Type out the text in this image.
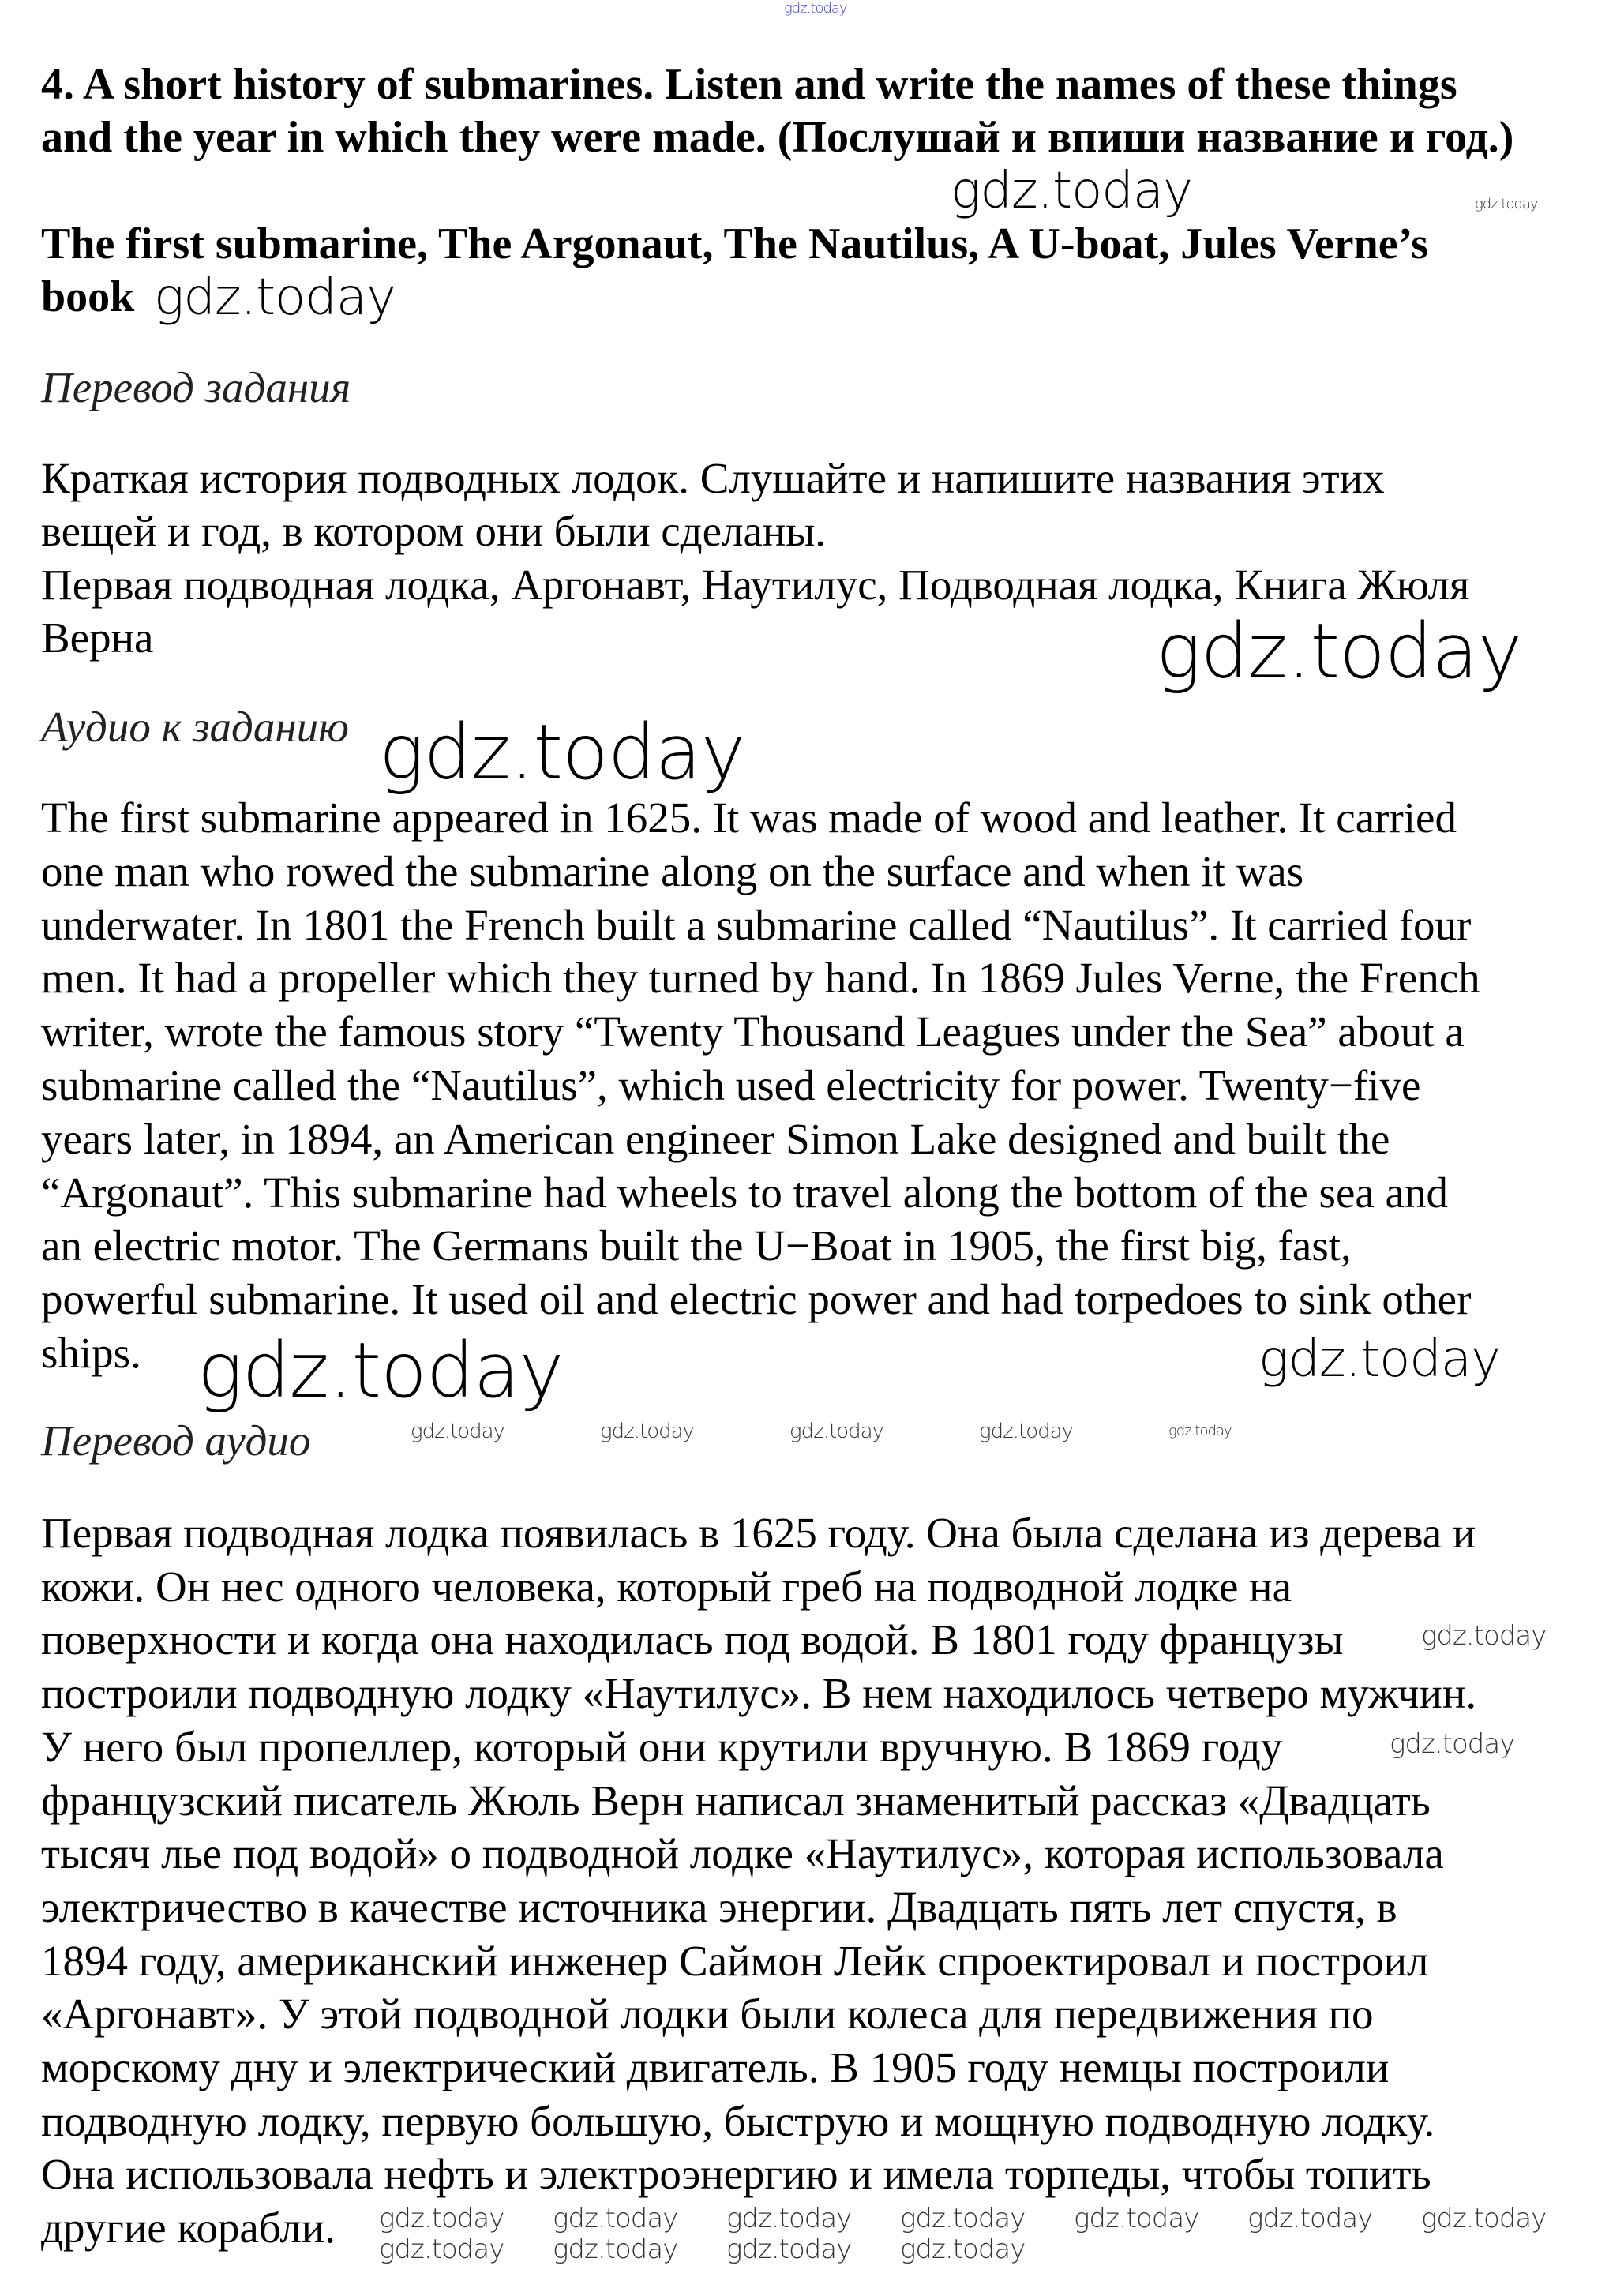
4. A short history of submarines. Listen and write the names of these things
and the year in which they were made. (Послушай и впиши название и год.)
The first submarine, The Argonaut, The Nautilus, A U-boat, Jules Verne’s
book
Перевод задания
Краткая история подводных лодок. Слушайте и напишите названия этих
вещей и год, в котором они были сделаны.
Первая подводная лодка, Аргонавт, Наутилус, Подводная лодка, Книга Жюля
Верна
Аудио к заданию
The first submarine appeared in 1625. It was made of wood and leather. It carried
one man who rowed the submarine along on the surface and when it was
underwater. In 1801 the French built a submarine called “Nautilus”. It carried four
men. It had a propeller which they turned by hand. In 1869 Jules Verne, the French
writer, wrote the famous story “Twenty Thousand Leagues under the Sea” about a
submarine called the “Nautilus”, which used electricity for power. Twenty−five
years later, in 1894, an American engineer Simon Lake designed and built the
“Argonaut”. This submarine had wheels to travel along the bottom of the sea and
an electric motor. The Germans built the U−Boat in 1905, the first big, fast,
powerful submarine. It used oil and electric power and had torpedoes to sink other
ships.
Перевод аудио
Первая подводная лодка появилась в 1625 году. Она была сделана из дерева и
кожи. Он нес одного человека, который греб на подводной лодке на
поверхности и когда она находилась под водой. В 1801 году французы
построили подводную лодку «Наутилус». В нем находилось четверо мужчин.
У него был пропеллер, который они крутили вручную. В 1869 году
французский писатель Жюль Верн написал знаменитый рассказ «Двадцать
тысяч лье под водой» о подводной лодке «Наутилус», которая использовала
электричество в качестве источника энергии. Двадцать пять лет спустя, в
1894 году, американский инженер Саймон Лейк спроектировал и построил
«Аргонавт». У этой подводной лодки были колеса для передвижения по
морскому дну и электрический двигатель. В 1905 году немцы построили
подводную лодку, первую большую, быструю и мощную подводную лодку.
Она использовала нефть и электроэнергию и имела торпеды, чтобы топить
другие корабли.
gdz.today
gdz.today	gdz.today
gdz.today
gdz.today
gdz.today
gdz.today	gdz.today
gdz.today	gdz.today	gdz.today	gdz.today	gdz.today
gdz.today
gdz.today
gdz.today gdz.today gdz.today gdz.today gdz.today gdz.today gdz.today
gdz.today gdz.today gdz.today gdz.today
